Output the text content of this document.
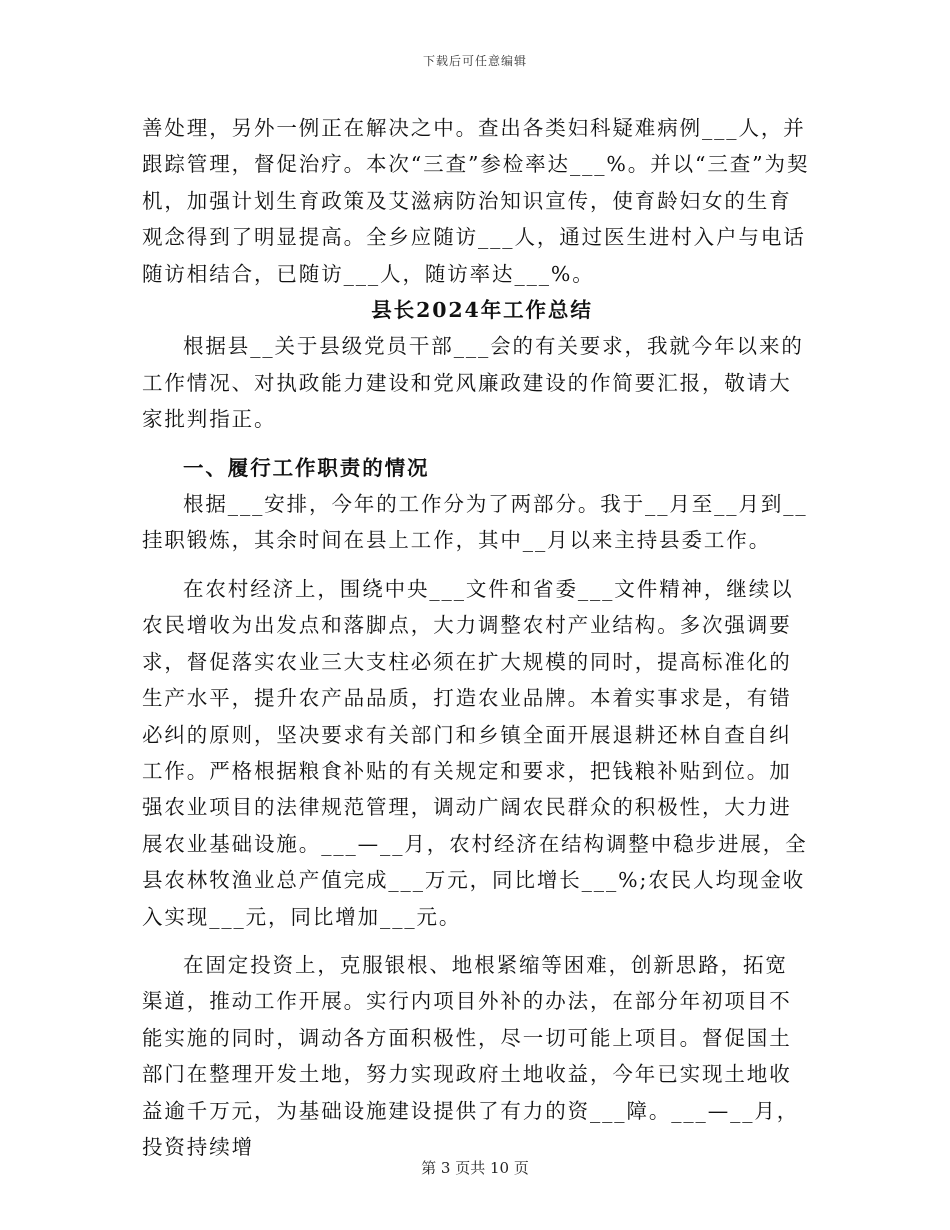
下载后可任意编辑

善处理，另外一例正在解决之中。查出各类妇科疑难病例___人，并跟踪管理，督促治疗。本次“三查”参检率达___%。并以“三查”为契机，加强计划生育政策及艾滋病防治知识宣传，使育龄妇女的生育观念得到了明显提高。全乡应随访___人，通过医生进村入户与电话随访相结合，已随访___人，随访率达___%。

县长2024年工作总结

根据县__关于县级党员干部___会的有关要求，我就今年以来的工作情况、对执政能力建设和党风廉政建设的作简要汇报，敬请大家批判指正。

一、履行工作职责的情况

根据___安排，今年的工作分为了两部分。我于__月至__月到__挂职锻炼，其余时间在县上工作，其中__月以来主持县委工作。

在农村经济上，围绕中央___文件和省委___文件精神，继续以农民增收为出发点和落脚点，大力调整农村产业结构。多次强调要求，督促落实农业三大支柱必须在扩大规模的同时，提高标准化的生产水平，提升农产品品质，打造农业品牌。本着实事求是，有错必纠的原则，坚决要求有关部门和乡镇全面开展退耕还林自查自纠工作。严格根据粮食补贴的有关规定和要求，把钱粮补贴到位。加强农业项目的法律规范管理，调动广阔农民群众的积极性，大力进展农业基础设施。___—__月，农村经济在结构调整中稳步进展，全县农林牧渔业总产值完成___万元，同比增长___%;农民人均现金收入实现___元，同比增加___元。

在固定投资上，克服银根、地根紧缩等困难，创新思路，拓宽渠道，推动工作开展。实行内项目外补的办法，在部分年初项目不能实施的同时，调动各方面积极性，尽一切可能上项目。督促国土部门在整理开发土地，努力实现政府土地收益，今年已实现土地收益逾千万元，为基础设施建设提供了有力的资___障。___—__月，投资持续增

第 3 页共 10 页
